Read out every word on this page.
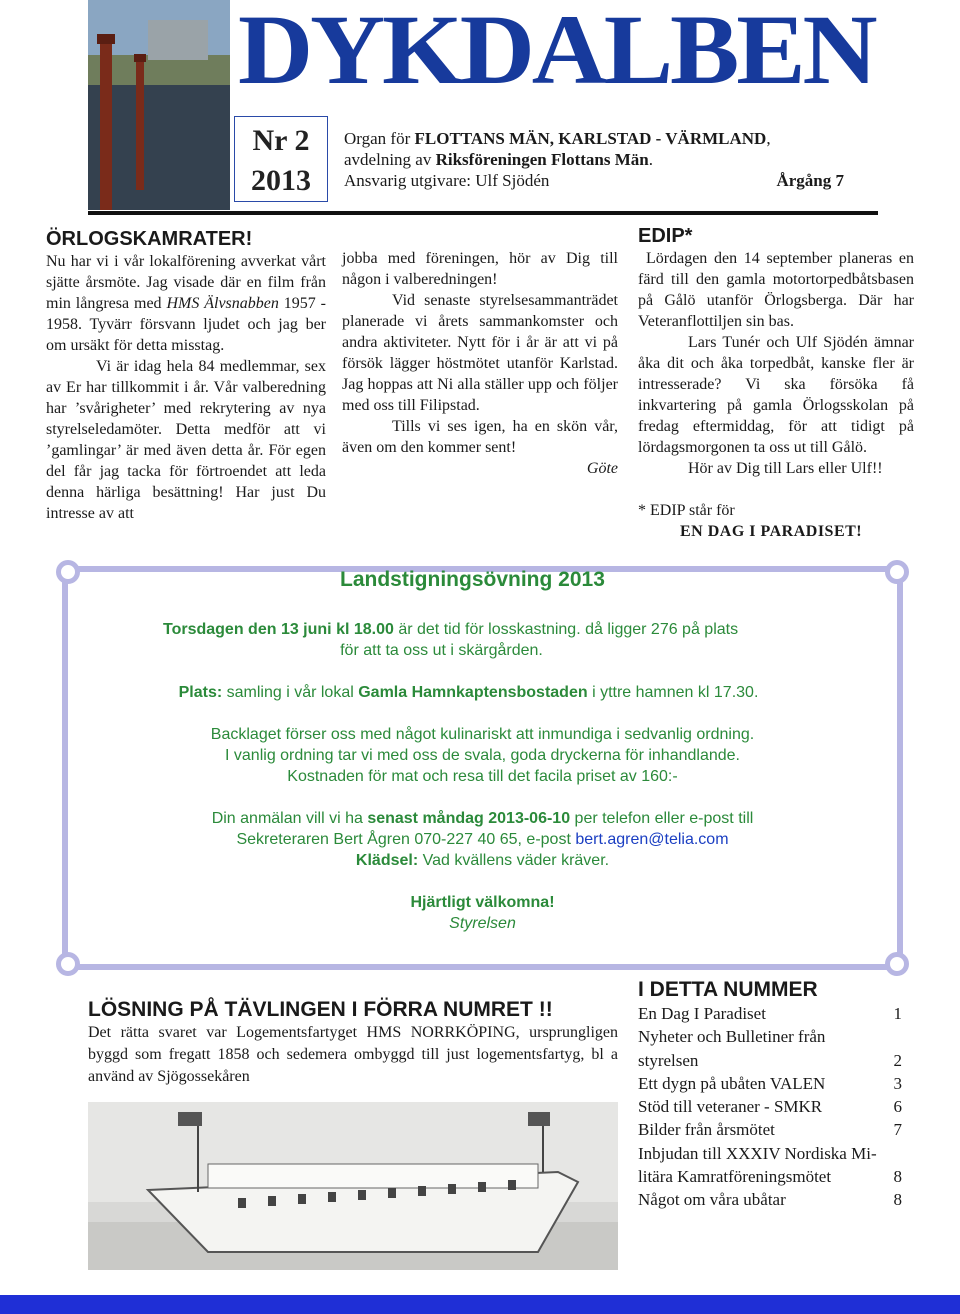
DYKDALBEN
Nr 2
2013
Organ för FLOTTANS MÄN, KARLSTAD - VÄRMLAND,
avdelning av Riksföreningen Flottans Män.
Ansvarig utgivare: Ulf Sjödén	Årgång 7
ÖRLOGSKAMRATER!

Nu har vi i vår lokalförening avverkat vårt sjätte årsmöte. Jag visade där en film från min långresa med HMS Älvsnabben 1957 - 1958. Tyvärr försvann ljudet och jag ber om ursäkt för detta misstag.

Vi är idag hela 84 medlemmar, sex av Er har tillkommit i år. Vår valberedning har ’svårigheter’ med rekrytering av nya styrelseledamöter. Detta medför att vi ’gamlingar’ är med även detta år. För egen del får jag tacka för förtroendet att leda denna härliga besättning! Har just Du intresse av att

jobba med föreningen, hör av Dig till någon i valberedningen!

Vid senaste styrelsesammanträdet planerade vi årets sammankomster och andra aktiviteter. Nytt för i år är att vi på försök lägger höstmötet utanför Karlstad. Jag hoppas att Ni alla ställer upp och följer med oss till Filipstad.

Tills vi ses igen, ha en skön vår, även om den kommer sent!

Göte

EDIP*

Lördagen den 14 september planeras en färd till den gamla motortorpedbåtsbasen på Gålö utanför Örlogsberga. Där har Veteranflottiljen sin bas.

Lars Tunér och Ulf Sjödén ämnar åka dit och åka torpedbåt, kanske fler är intresserade? Vi ska försöka få inkvartering på gamla Örlogsskolan på fredag eftermiddag, för att tidigt på lördagsmorgonen ta oss ut till Gålö.

Hör av Dig till Lars eller Ulf!!

* EDIP står för

EN DAG I PARADISET!

Landstigningsövning 2013
Torsdagen den 13 juni kl 18.00 är det tid för losskastning. då ligger 276 på plats
för att ta oss ut i skärgården.
Plats: samling i vår lokal Gamla Hamnkaptensbostaden i yttre hamnen kl 17.30.
Backlaget förser oss med något kulinariskt att inmundiga i sedvanlig ordning.
I vanlig ordning tar vi med oss de svala, goda dryckerna för inhandlande.
Kostnaden för mat och resa till det facila priset av 160:-
Din anmälan vill vi ha senast måndag 2013-06-10 per telefon eller e-post till
Sekreteraren Bert Ågren 070-227 40 65, e-post bert.agren@telia.com
Klädsel: Vad kvällens väder kräver.
Hjärtligt välkomna!
Styrelsen
LÖSNING PÅ TÄVLINGEN I FÖRRA NUMRET !!
Det rätta svaret var Logementsfartyget HMS NORRKÖPING, ursprungligen byggd som fregatt 1858 och sedemera ombyggd till just logementsfartyg, bl a använd av Sjögossekåren
I DETTA NUMMER
En Dag I Paradiset	1
Nyheter och Bulletiner från
styrelsen	2
Ett dygn på ubåten VALEN	3
Stöd till veteraner - SMKR	6
Bilder från årsmötet	7
Inbjudan till XXXIV Nordiska Mi-
litära Kamratföreningsmötet	8
Något om våra ubåtar	8
